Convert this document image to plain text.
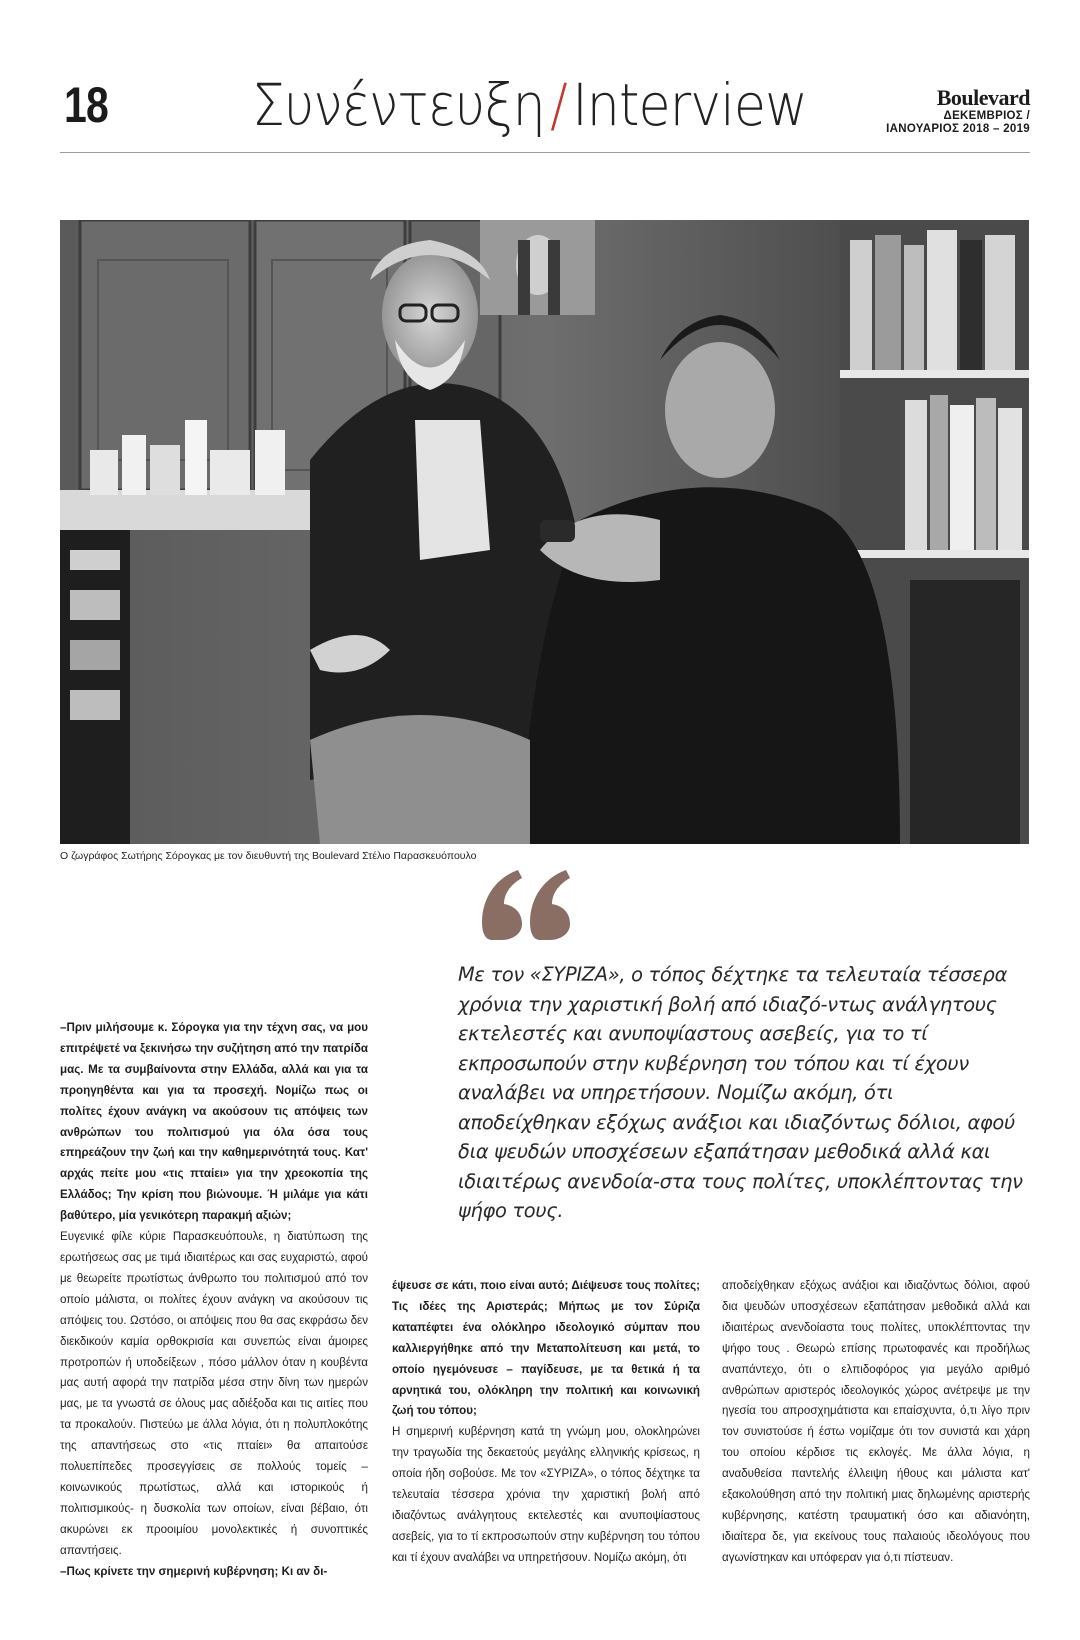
18 Συνέντευξη/Interview	Boulevard
ΔΕΚΕΜΒΡΙΟΣ /
ΙΑΝΟΥΑΡΙΟΣ 2018 – 2019
Ο ζωγράφος Σωτήρης Σόρογκας με τον διευθυντή της Boulevard Στέλιο Παρασκευόπουλο
Με τον «ΣΥΡΙΖΑ», ο τόπος δέχτηκε τα τελευταία τέσσερα χρόνια την χαριστική βολή από ιδιαζό-ντως ανάλγητους εκτελεστές και ανυποψίαστους ασεβείς, για το τί εκπροσωπούν στην κυβέρνηση του τόπου και τί έχουν αναλάβει να υπηρετήσουν. Νομίζω ακόμη, ότι αποδείχθηκαν εξόχως ανάξιοι και ιδιαζόντως δόλιοι, αφού δια ψευδών υποσχέσεων εξαπάτησαν μεθοδικά αλλά και ιδιαιτέρως ανενδοία-στα τους πολίτες, υποκλέπτοντας την ψήφο τους.

–Πριν μιλήσουμε κ. Σόρογκα για την τέχνη σας, να μου επιτρέψετέ να ξεκινήσω την συζήτηση από την πατρίδα μας. Με τα συμβαίνοντα στην Ελλάδα, αλλά και για τα προηγηθέντα και για τα προσεχή. Νομίζω πως οι πολίτες έχουν ανάγκη να ακούσουν τις απόψεις των ανθρώπων του πολιτισμού για όλα όσα τους επηρεάζουν την ζωή και την καθημερινότητά τους. Κατ' αρχάς πείτε μου «τις πταίει» για την χρεοκοπία της Ελλάδος; Την κρίση που βιώνουμε. Ή μιλάμε για κάτι βαθύτερο, μία γενικότερη παρακμή αξιών;

Ευγενικέ φίλε κύριε Παρασκευόπουλε, η διατύπωση της ερωτήσεως σας με τιμά ιδιαιτέρως και σας ευχαριστώ, αφού με θεωρείτε πρωτίστως άνθρωπο του πολιτισμού από τον οποίο μάλιστα, οι πολίτες έχουν ανάγκη να ακούσουν τις απόψεις του. Ωστόσο, οι απόψεις που θα σας εκφράσω δεν διεκδικούν καμία ορθοκρισία και συνεπώς είναι άμοιρες προτροπών ή υποδείξεων , πόσο μάλλον όταν η κουβέντα μας αυτή αφορά την πατρίδα μέσα στην δίνη των ημερών μας, με τα γνωστά σε όλους μας αδιέξοδα και τις αιτίες που τα προκαλούν. Πιστεύω με άλλα λόγια, ότι η πολυπλοκότης της απαντήσεως στο «τις πταίει» θα απαιτούσε πολυεπίπεδες προσεγγίσεις σε πολλούς τομείς –κοινωνικούς πρωτίστως, αλλά και ιστορικούς ή πολιτισμικούς- η δυσκολία των οποίων, είναι βέβαιο, ότι ακυρώνει εκ προοιμίου μονολεκτικές ή συνοπτικές απαντήσεις.

–Πως κρίνετε την σημερινή κυβέρνηση; Κι αν δι-

έψευσε σε κάτι, ποιο είναι αυτό; Διέψευσε τους πολίτες; Τις ιδέες της Αριστεράς; Μήπως με τον Σύριζα καταπέφτει ένα ολόκληρο ιδεολογικό σύμπαν που καλλιεργήθηκε από την Μεταπολίτευση και μετά, το οποίο ηγεμόνευσε – παγίδευσε, με τα θετικά ή τα αρνητικά του, ολόκληρη την πολιτική και κοινωνική ζωή του τόπου;

Η σημερινή κυβέρνηση κατά τη γνώμη μου, ολοκληρώνει την τραγωδία της δεκαετούς μεγάλης ελληνικής κρίσεως, η οποία ήδη σοβούσε. Με τον «ΣΥΡΙΖΑ», ο τόπος δέχτηκε τα τελευταία τέσσερα χρόνια την χαριστική βολή από ιδιαζόντως ανάλγητους εκτελεστές και ανυποψίαστους ασεβείς, για το τί εκπροσωπούν στην κυβέρνηση του τόπου και τί έχουν αναλάβει να υπηρετήσουν. Νομίζω ακόμη, ότι

αποδείχθηκαν εξόχως ανάξιοι και ιδιαζόντως δόλιοι, αφού δια ψευδών υποσχέσεων εξαπάτησαν μεθοδικά αλλά και ιδιαιτέρως ανενδοίαστα τους πολίτες, υποκλέπτοντας την ψήφο τους . Θεωρώ επίσης πρωτοφανές και προδήλως αναπάντεχο, ότι ο ελπιδοφόρος για μεγάλο αριθμό ανθρώπων αριστερός ιδεολογικός χώρος ανέτρεψε με την ηγεσία του απροσχημάτιστα και επαίσχυντα, ό,τι λίγο πριν τον συνιστούσε ή έστω νομίζαμε ότι τον συνιστά και χάρη του οποίου κέρδισε τις εκλογές. Με άλλα λόγια, η αναδυθείσα παντελής έλλειψη ήθους και μάλιστα κατ' εξακολούθηση από την πολιτική μιας δηλωμένης αριστερής κυβέρνησης, κατέστη τραυματική όσο και αδιανόητη, ιδιαίτερα δε, για εκείνους τους παλαιούς ιδεολόγους που αγωνίστηκαν και υπόφεραν για ό,τι πίστευαν.
